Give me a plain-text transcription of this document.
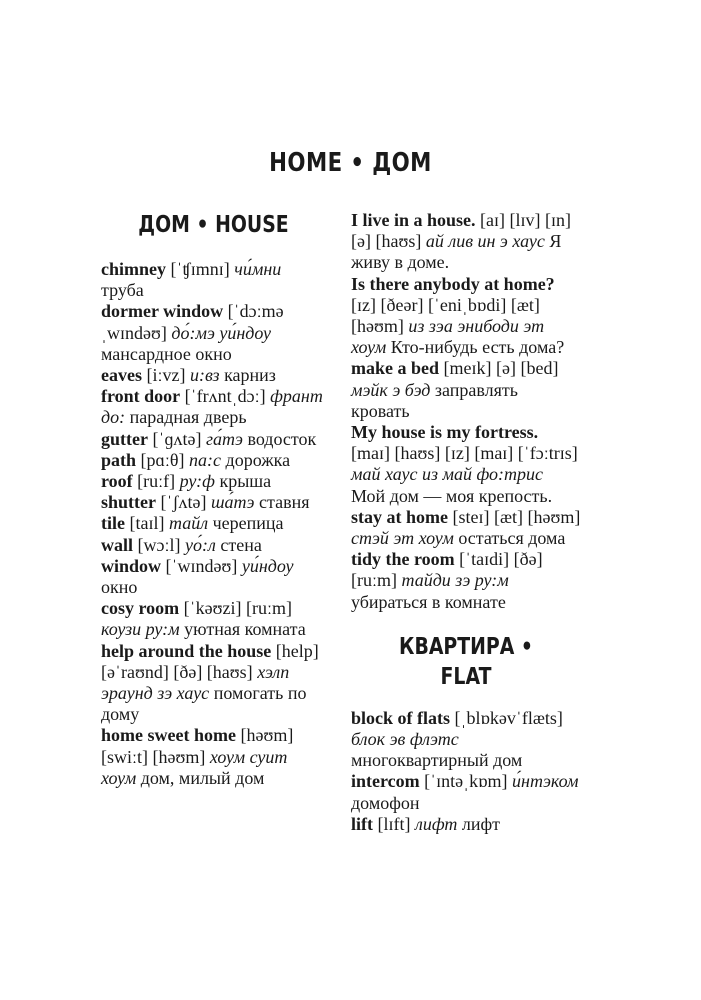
HOME • ДОМ
ДОМ • HOUSE

chimney [ˈʧɪmnɪ] чи́мни труба

dormer window [ˈdɔːməˌwɪndəʊ] до́:мэ уи́ндоу мансардное окно

eaves [iːvz] и:вз карниз

front door [ˈfrʌntˌdɔː] франт до: парадная дверь

gutter [ˈɡʌtə] га́тэ водосток

path [pɑːθ] па:с дорожка

roof [ruːf] ру:ф крыша

shutter [ˈʃʌtə] ша́тэ ставня

tile [taɪl] тайл черепица

wall [wɔːl] уо́:л стена

window [ˈwɪndəʊ] уи́ндоу окно

cosy room [ˈkəʊzi] [ruːm] коузи ру:м уютная комната

help around the house [help] [əˈraʊnd] [ðə] [haʊs] хэлп эраунд зэ хаус помогать по дому

home sweet home [həʊm] [swiːt] [həʊm] хоум суит хоум дом, милый дом

I live in a house. [aɪ] [lɪv] [ɪn] [ə] [haʊs] ай лив ин э хаус Я живу в доме.

Is there anybody at home? [ɪz] [ðeər] [ˈeniˌbɒdi] [æt] [həʊm] из зэа энибоди эт хоум Кто-нибудь есть дома?

make a bed [meɪk] [ə] [bed] мэйк э бэд заправлять кровать

My house is my fortress. [maɪ] [haʊs] [ɪz] [maɪ] [ˈfɔːtrɪs] май хаус из май фо:трис Мой дом — моя крепость.

stay at home [steɪ] [æt] [həʊm] стэй эт хоум остаться дома

tidy the room [ˈtaɪdi] [ðə] [ruːm] тайди зэ ру:м убираться в комнате

КВАРТИРА • FLAT

block of flats [ˌblɒkəvˈflæts] блок эв флэтс многоквартирный дом

intercom [ˈɪntəˌkɒm] и́нтэком домофон

lift [lɪft] лифт лифт
